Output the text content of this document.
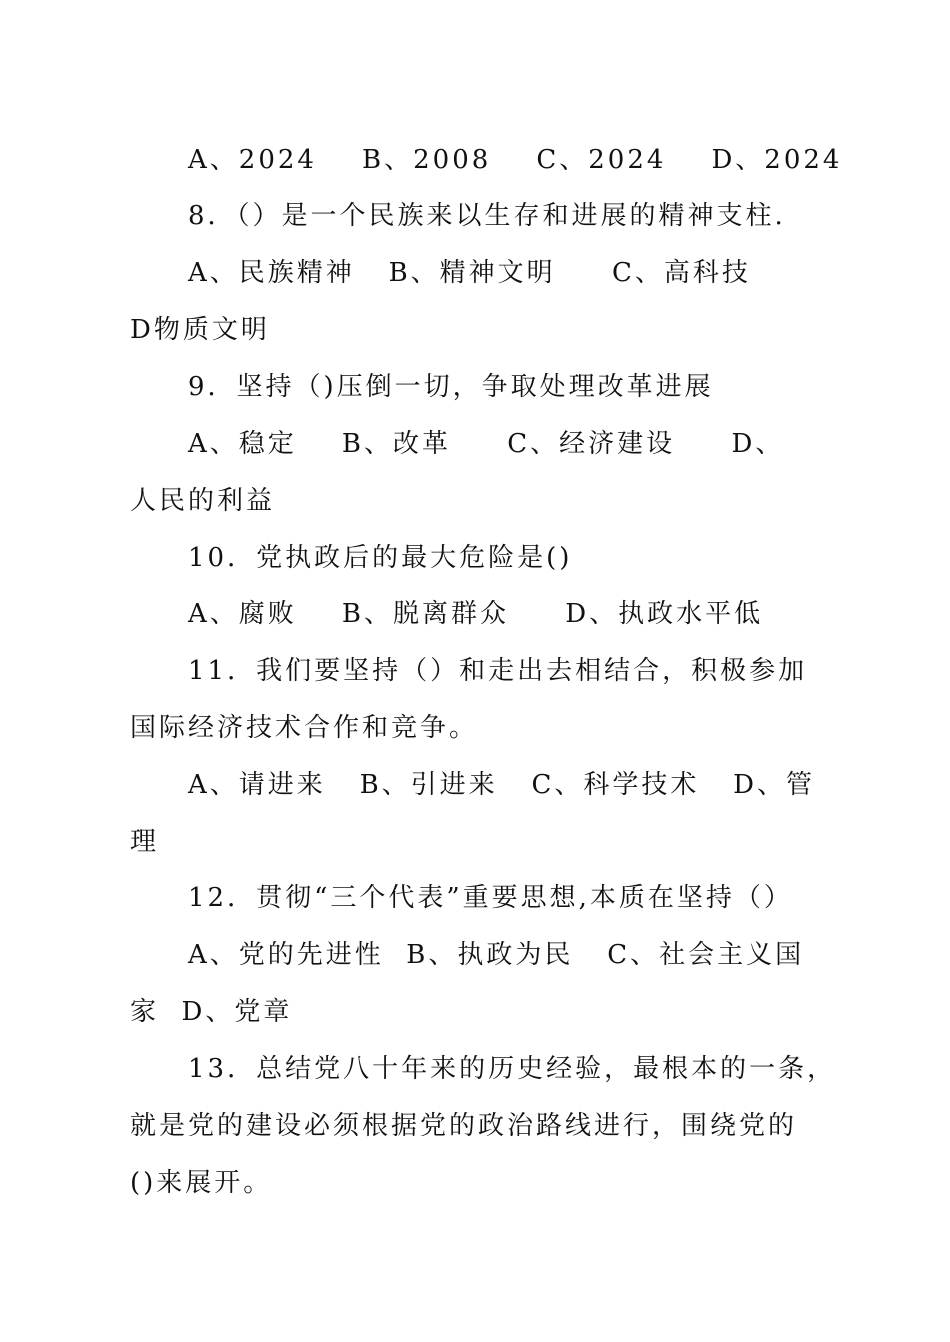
A、2024    B、2008    C、2024    D、2024
8．（）是一个民族来以生存和进展的精神支柱.
A、民族精神   B、精神文明     C、高科技
D物质文明
9．坚持（)压倒一切，争取处理改革进展
A、稳定    B、改革     C、经济建设     D、
人民的利益
10．党执政后的最大危险是()
A、腐败    B、脱离群众     D、执政水平低
11．我们要坚持（）和走出去相结合，积极参加
国际经济技术合作和竞争。
A、请进来   B、引进来   C、科学技术   D、管
理
12．贯彻“三个代表”重要思想,本质在坚持（）
A、党的先进性  B、执政为民   C、社会主义国
家  D、党章
13．总结党八十年来的历史经验，最根本的一条，
就是党的建设必须根据党的政治路线进行，围绕党的
()来展开。
